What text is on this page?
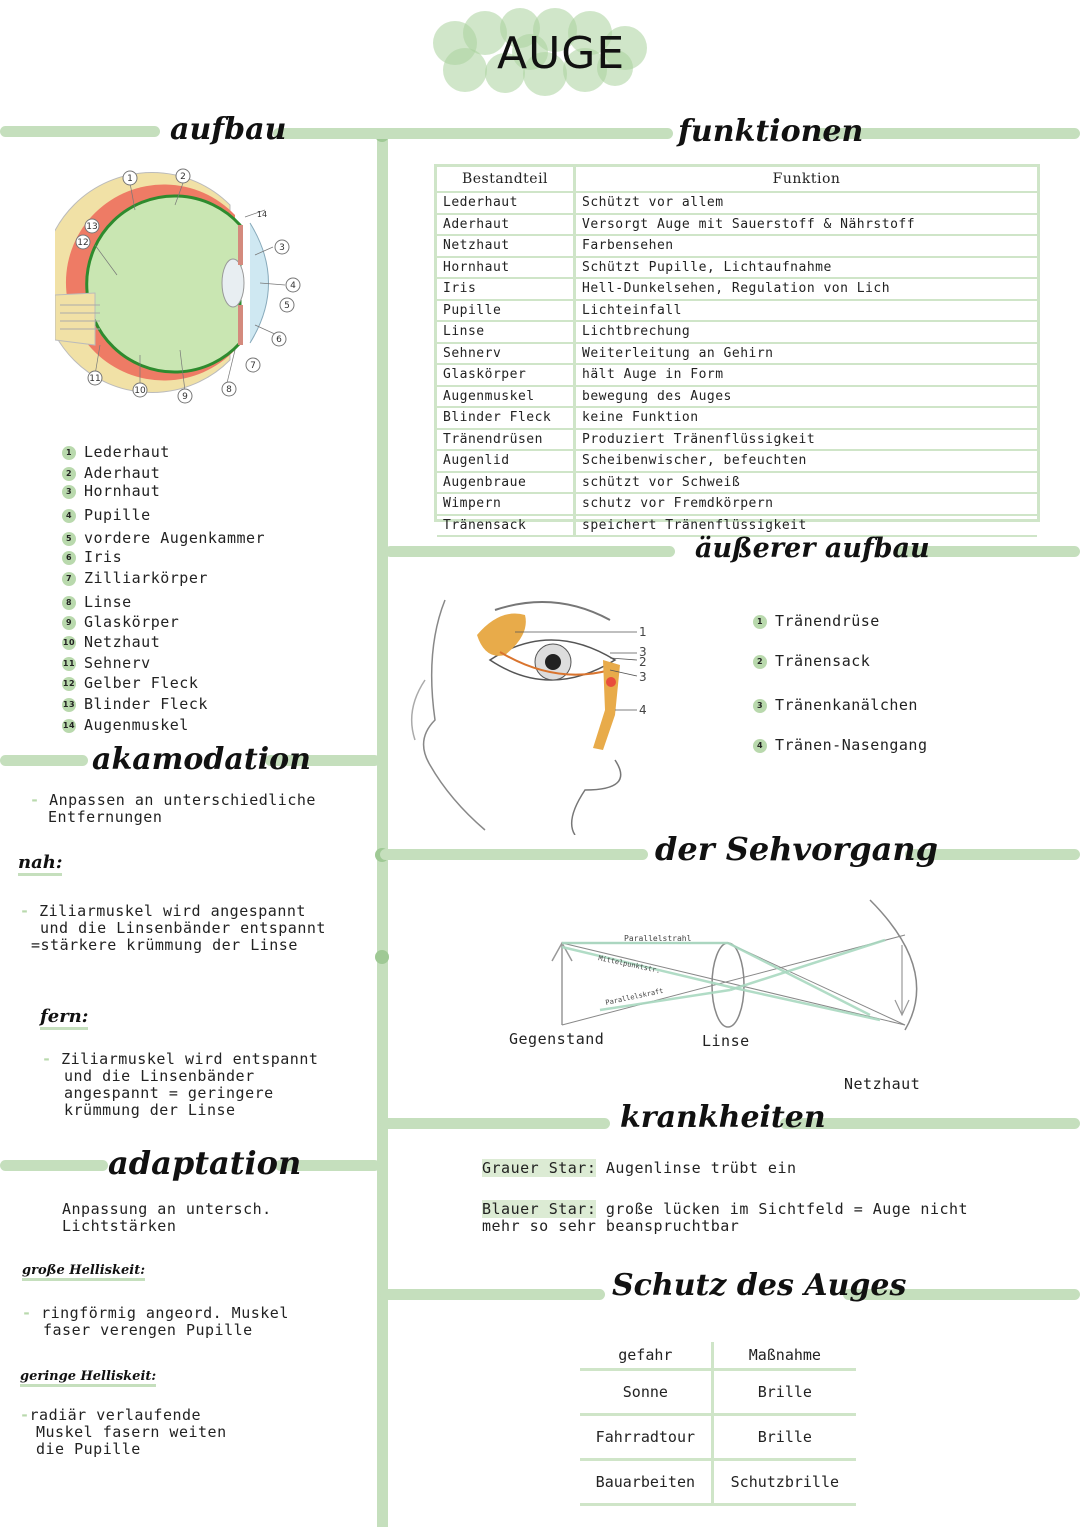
AUGE
aufbau	funktionen
1	2
3
4
5
6
7
8
9
10
11
12
13
14
1 Lederhaut
2 Aderhaut
3 Hornhaut
4 Pupille
5 vordere Augenkammer
6 Iris
7 Zilliarkörper
8 Linse
9 Glaskörper
10 Netzhaut
11 Sehnerv
12 Gelber Fleck
13 Blinder Fleck
14 Augenmuskel
Bestandteil	Funktion
Lederhaut	Schützt vor allem
Aderhaut	Versorgt Auge mit Sauerstoff & Nährstoff
Netzhaut	Farbensehen
Hornhaut	Schützt Pupille, Lichtaufnahme
Iris	Hell-Dunkelsehen, Regulation von Lich
Pupille	Lichteinfall
Linse	Lichtbrechung
Sehnerv	Weiterleitung an Gehirn
Glaskörper	hält Auge in Form
Augenmuskel	bewegung des Auges
Blinder Fleck	keine Funktion
Tränendrüsen	Produziert Tränenflüssigkeit
Augenlid	Scheibenwischer, befeuchten
Augenbraue	schützt vor Schweiß
Wimpern	schutz vor Fremdkörpern
Tränensack	speichert Tränenflüssigkeit
äußerer aufbau
1
3
2
3
4
1 Tränendrüse
2 Tränensack
3 Tränenkanälchen
4 Tränen-Nasengang
akamodation
- Anpassen an unterschiedliche
Entfernungen
nah:
- Ziliarmuskel wird angespannt
und die Linsenbänder entspannt
=stärkere krümmung der Linse
fern:
- Ziliarmuskel wird entspannt
und die Linsenbänder
angespannt = geringere
krümmung der Linse
der Sehvorgang
Parallelstrahl
Mittelpunktstr.
Parallelskraft
Gegenstand	Linse
Netzhaut
krankheiten
Grauer Star: Augenlinse trübt ein
Blauer Star: große lücken im Sichtfeld = Auge nicht
mehr so sehr beanspruchtbar
adaptation
Anpassung an untersch.
Lichtstärken
große Helliskeit:
- ringförmig angeord. Muskel
faser verengen Pupille
geringe Helliskeit:
-radiär verlaufende
Muskel fasern weiten
die Pupille
Schutz des Auges
gefahr	Maßnahme
Sonne	Brille
Fahrradtour	Brille
Bauarbeiten	Schutzbrille
